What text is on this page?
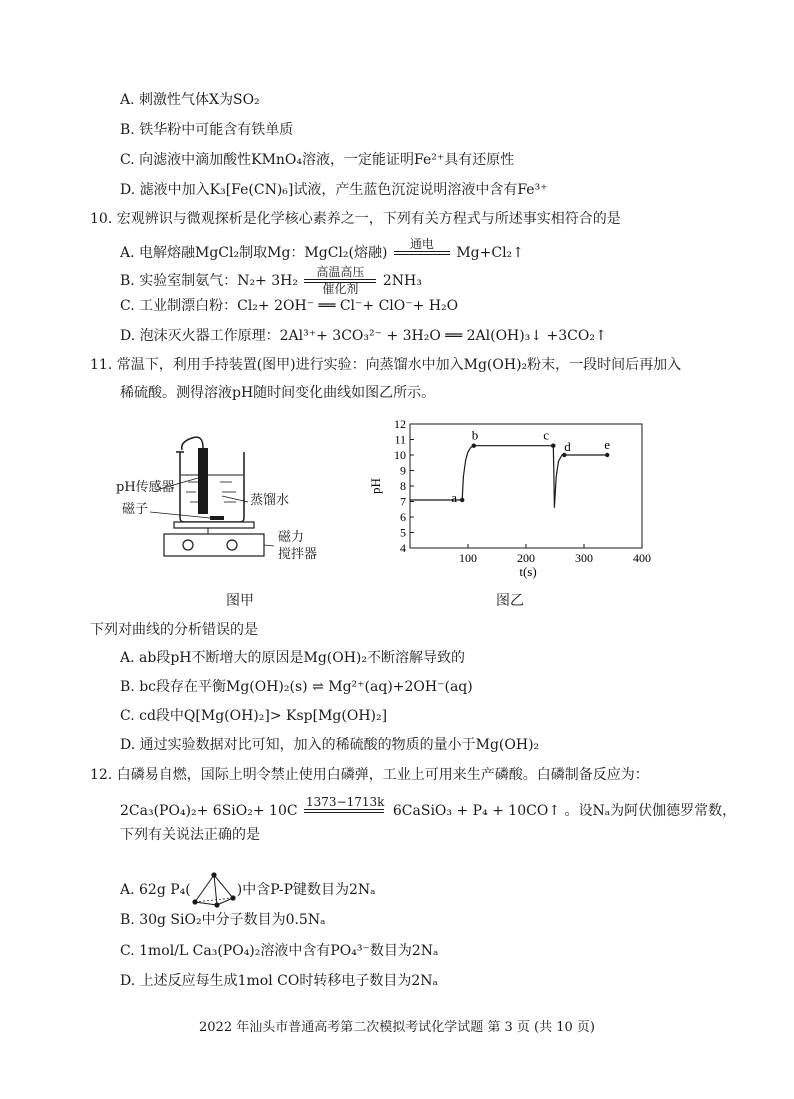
A. 刺激性气体X为SO₂
B. 铁华粉中可能含有铁单质
C. 向滤液中滴加酸性KMnO₄溶液，一定能证明Fe²⁺具有还原性
D. 滤液中加入K₃[Fe(CN)₆]试液，产生蓝色沉淀说明溶液中含有Fe³⁺
10. 宏观辨识与微观探析是化学核心素养之一，下列有关方程式与所述事实相符合的是
A. 电解熔融MgCl₂制取Mg：MgCl₂(熔融)
通电

Mg+Cl₂↑
B. 实验室制氨气：$N_2+ 3H_2 \frac{\text{高温高压}}{\text{催化剂}} 2NH_3$
C. 工业制漂白粉：Cl₂+ 2OH⁻ ══ Cl⁻+ ClO⁻+ H₂O
D. 泡沫灭火器工作原理：2Al³⁺+ 3CO₃²⁻ + 3H₂O ══ 2Al(OH)₃↓ +3CO₂↑
11. 常温下，利用手持装置(图甲)进行实验：向蒸馏水中加入Mg(OH)₂粉末，一段时间后再加入
稀硫酸。测得溶液pH随时间变化曲线如图乙所示。
pH传感器
磁子
蒸馏水
磁力
搅拌器
图甲
4
5
6
7
8
9
10
11
12
100	200	300	400
a
b	c
d	e
t(s)
pH
图乙
下列对曲线的分析错误的是
A. ab段pH不断增大的原因是Mg(OH)₂不断溶解导致的
B. bc段存在平衡Mg(OH)₂(s) ⇌ Mg²⁺(aq)+2OH⁻(aq)
C. cd段中Q[Mg(OH)₂]> Ksp[Mg(OH)₂]
D. 通过实验数据对比可知，加入的稀硫酸的物质的量小于Mg(OH)₂
12. 白磷易自燃，国际上明令禁止使用白磷弹，工业上可用来生产磷酸。白磷制备反应为：
2Ca₃(PO₄)₂+ 6SiO₂+ 10C
1373−1713k

6CaSiO₃ + P₄ + 10CO↑ 。设Nₐ为阿伏伽德罗常数，
下列有关说法正确的是
A. 62g P₄(	)中含P-P键数目为2Nₐ
B. 30g SiO₂中分子数目为0.5Nₐ
C. 1mol/L Ca₃(PO₄)₂溶液中含有PO₄³⁻数目为2Nₐ
D. 上述反应每生成1mol CO时转移电子数目为2Nₐ
2022 年汕头市普通高考第二次模拟考试化学试题 第 3 页 (共 10 页)
